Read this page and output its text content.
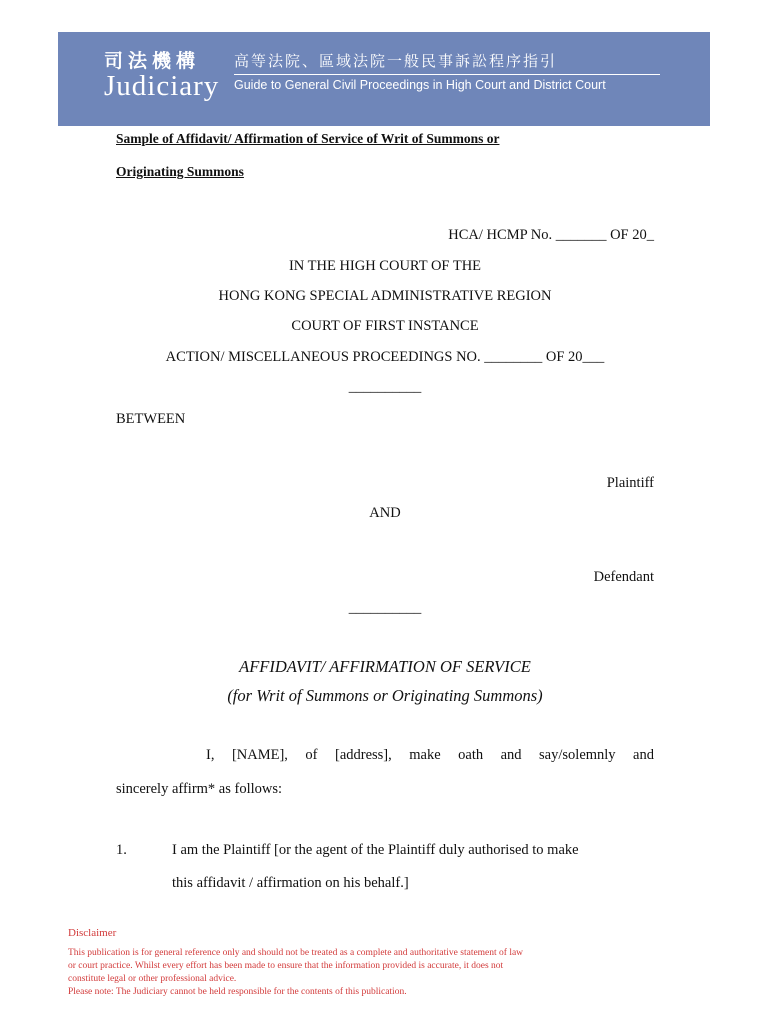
司法機構
Judiciary
高等法院、區域法院一般民事訴訟程序指引
Guide to General Civil Proceedings in High Court and District Court
Sample of Affidavit/ Affirmation of Service of Writ of Summons or
Originating Summons
HCA/ HCMP No. _______ OF 20_
IN THE HIGH COURT OF THE
HONG KONG SPECIAL ADMINISTRATIVE REGION
COURT OF FIRST INSTANCE
ACTION/ MISCELLANEOUS PROCEEDINGS NO. ________ OF 20___
__________
BETWEEN
Plaintiff
AND
Defendant
__________
AFFIDAVIT/ AFFIRMATION OF SERVICE
(for Writ of Summons or Originating Summons)
I, [NAME], of [address], make oath and say/solemnly and
sincerely affirm* as follows:
1.	I am the Plaintiff [or the agent of the Plaintiff duly authorised to make
this affidavit / affirmation on his behalf.]
Disclaimer
This publication is for general reference only and should not be treated as a complete and authoritative statement of law
or court practice. Whilst every effort has been made to ensure that the information provided is accurate, it does not
constitute legal or other professional advice.
Please note: The Judiciary cannot be held responsible for the contents of this publication.
